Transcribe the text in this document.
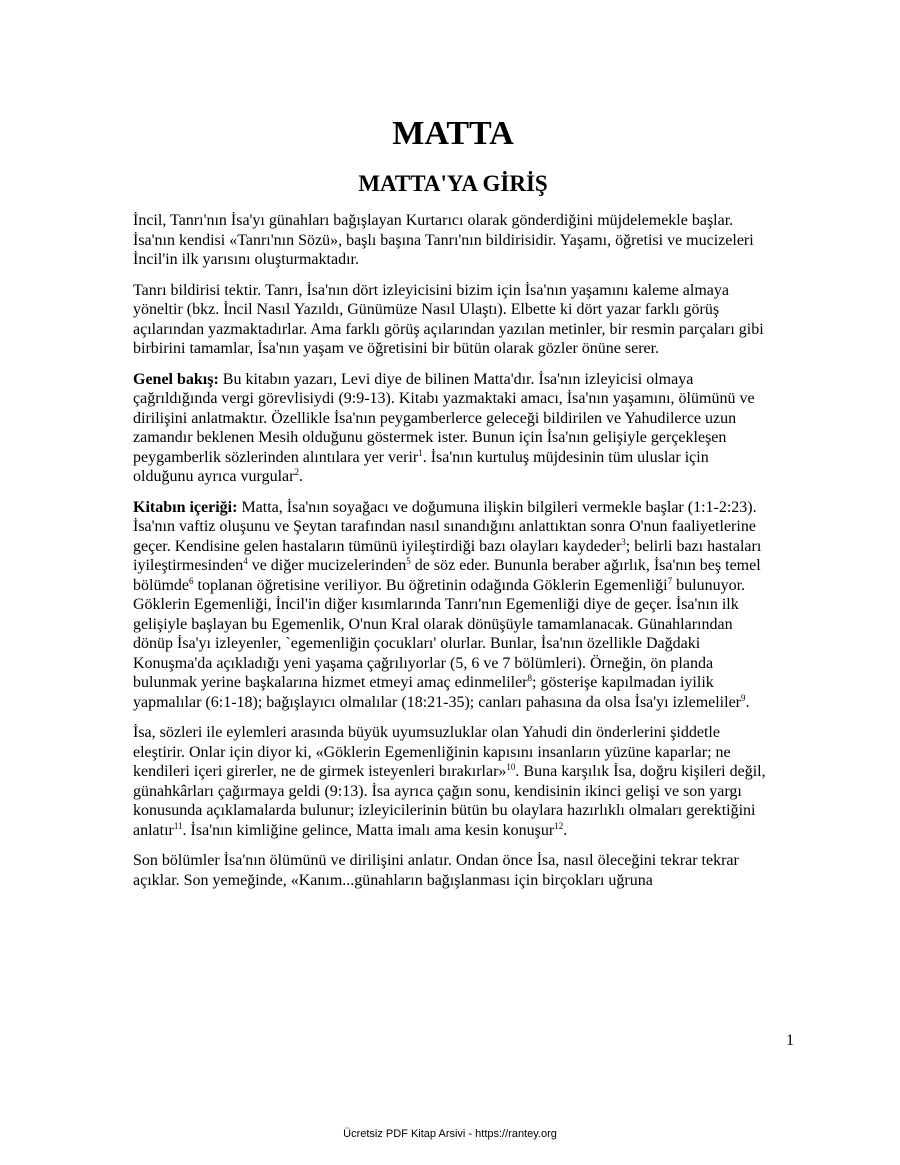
MATTA
MATTA'YA GİRİŞ

İncil, Tanrı'nın İsa'yı günahları bağışlayan Kurtarıcı olarak gönderdiğini müjdelemekle başlar. İsa'nın kendisi «Tanrı'nın Sözü», başlı başına Tanrı'nın bildirisidir. Yaşamı, öğretisi ve mucizeleri İncil'in ilk yarısını oluşturmaktadır.

Tanrı bildirisi tektir. Tanrı, İsa'nın dört izleyicisini bizim için İsa'nın yaşamını kaleme almaya yöneltir (bkz. İncil Nasıl Yazıldı, Günümüze Nasıl Ulaştı). Elbette ki dört yazar farklı görüş açılarından yazmaktadırlar. Ama farklı görüş açılarından yazılan metinler, bir resmin parçaları gibi birbirini tamamlar, İsa'nın yaşam ve öğretisini bir bütün olarak gözler önüne serer.

Genel bakış: Bu kitabın yazarı, Levi diye de bilinen Matta'dır. İsa'nın izleyicisi olmaya çağrıldığında vergi görevlisiydi (9:9-13). Kitabı yazmaktaki amacı, İsa'nın yaşamını, ölümünü ve dirilişini anlatmaktır. Özellikle İsa'nın peygamberlerce geleceği bildirilen ve Yahudilerce uzun zamandır beklenen Mesih olduğunu göstermek ister. Bunun için İsa'nın gelişiyle gerçekleşen peygamberlik sözlerinden alıntılara yer verir$^1$. İsa'nın kurtuluş müjdesinin tüm uluslar için olduğunu ayrıca vurgular$^2$.

Kitabın içeriği: Matta, İsa'nın soyağacı ve doğumuna ilişkin bilgileri vermekle başlar (1:1-2:23). İsa'nın vaftiz oluşunu ve Şeytan tarafından nasıl sınandığını anlattıktan sonra O'nun faaliyetlerine geçer. Kendisine gelen hastaların tümünü iyileştirdiği bazı olayları kaydeder$^3$; belirli bazı hastaları iyileştirmesinden$^4$ ve diğer mucizelerinden$^5$ de söz eder. Bununla beraber ağırlık, İsa'nın beş temel bölümde$^6$ toplanan öğretisine veriliyor. Bu öğretinin odağında Göklerin Egemenliği$^7$ bulunuyor. Göklerin Egemenliği, İncil'in diğer kısımlarında Tanrı'nın Egemenliği diye de geçer. İsa'nın ilk gelişiyle başlayan bu Egemenlik, O'nun Kral olarak dönüşüyle tamamlanacak. Günahlarından dönüp İsa'yı izleyenler, `egemenliğin çocukları' olurlar. Bunlar, İsa'nın özellikle Dağdaki Konuşma'da açıkladığı yeni yaşama çağrılıyorlar (5, 6 ve 7 bölümleri). Örneğin, ön planda bulunmak yerine başkalarına hizmet etmeyi amaç edinmeliler$^8$; gösterişe kapılmadan iyilik yapmalılar (6:1-18); bağışlayıcı olmalılar (18:21-35); canları pahasına da olsa İsa'yı izlemeliler$^9$.

İsa, sözleri ile eylemleri arasında büyük uyumsuzluklar olan Yahudi din önderlerini şiddetle eleştirir. Onlar için diyor ki, «Göklerin Egemenliğinin kapısını insanların yüzüne kaparlar; ne kendileri içeri girerler, ne de girmek isteyenleri bırakırlar»$^{10}$. Buna karşılık İsa, doğru kişileri değil, günahkârları çağırmaya geldi (9:13). İsa ayrıca çağın sonu, kendisinin ikinci gelişi ve son yargı konusunda açıklamalarda bulunur; izleyicilerinin bütün bu olaylara hazırlıklı olmaları gerektiğini anlatır$^{11}$. İsa'nın kimliğine gelince, Matta imalı ama kesin konuşur$^{12}$.

Son bölümler İsa'nın ölümünü ve dirilişini anlatır. Ondan önce İsa, nasıl öleceğini tekrar tekrar açıklar. Son yemeğinde, «Kanım...günahların bağışlanması için birçokları uğruna

1
Ücretsiz PDF Kitap Arsivi - https://rantey.org
